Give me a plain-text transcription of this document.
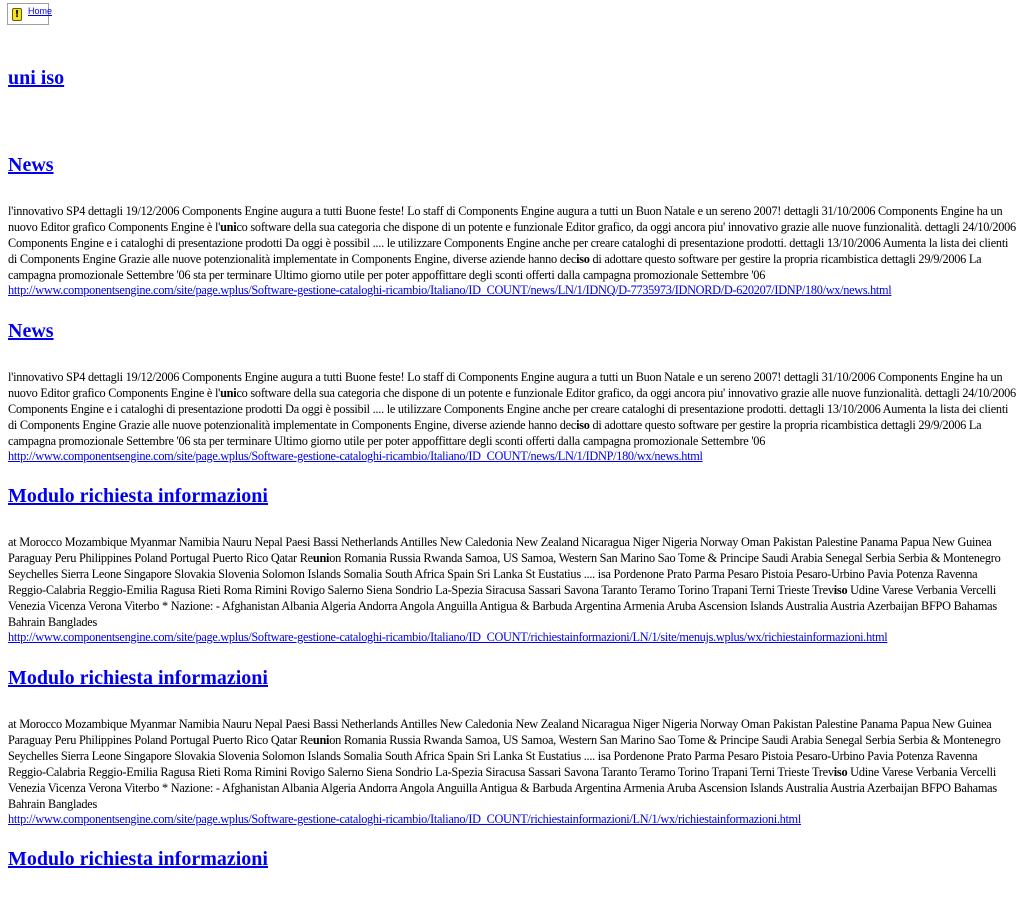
! Home
uni iso
News

l'innovativo SP4 dettagli 19/12/2006 Components Engine augura a tutti Buone feste! Lo staff di Components Engine augura a tutti un Buon Natale e un sereno 2007! dettagli 31/10/2006 Components Engine ha un nuovo Editor grafico Components Engine è l'unico software della sua categoria che dispone di un potente e funzionale Editor grafico, da oggi ancora piu' innovativo grazie alle nuove funzionalità. dettagli 24/10/2006 Components Engine e i cataloghi di presentazione prodotti Da oggi è possibil .... le utilizzare Components Engine anche per creare cataloghi di presentazione prodotti. dettagli 13/10/2006 Aumenta la lista dei clienti di Components Engine Grazie alle nuove potenzionalità implementate in Components Engine, diverse aziende hanno deciso di adottare questo software per gestire la propria ricambistica dettagli 29/9/2006 La campagna promozionale Settembre '06 sta per terminare Ultimo giorno utile per poter appoffittare degli sconti offerti dalla campagna promozionale Settembre '06

http://www.componentsengine.com/site/page.wplus/Software-gestione-cataloghi-ricambio/Italiano/ID_COUNT/news/LN/1/IDNQ/D-7735973/IDNORD/D-620207/IDNP/180/wx/news.html
News

l'innovativo SP4 dettagli 19/12/2006 Components Engine augura a tutti Buone feste! Lo staff di Components Engine augura a tutti un Buon Natale e un sereno 2007! dettagli 31/10/2006 Components Engine ha un nuovo Editor grafico Components Engine è l'unico software della sua categoria che dispone di un potente e funzionale Editor grafico, da oggi ancora piu' innovativo grazie alle nuove funzionalità. dettagli 24/10/2006 Components Engine e i cataloghi di presentazione prodotti Da oggi è possibil .... le utilizzare Components Engine anche per creare cataloghi di presentazione prodotti. dettagli 13/10/2006 Aumenta la lista dei clienti di Components Engine Grazie alle nuove potenzionalità implementate in Components Engine, diverse aziende hanno deciso di adottare questo software per gestire la propria ricambistica dettagli 29/9/2006 La campagna promozionale Settembre '06 sta per terminare Ultimo giorno utile per poter appoffittare degli sconti offerti dalla campagna promozionale Settembre '06

http://www.componentsengine.com/site/page.wplus/Software-gestione-cataloghi-ricambio/Italiano/ID_COUNT/news/LN/1/IDNP/180/wx/news.html
Modulo richiesta informazioni

at Morocco Mozambique Myanmar Namibia Nauru Nepal Paesi Bassi Netherlands Antilles New Caledonia New Zealand Nicaragua Niger Nigeria Norway Oman Pakistan Palestine Panama Papua New Guinea Paraguay Peru Philippines Poland Portugal Puerto Rico Qatar Reunion Romania Russia Rwanda Samoa, US Samoa, Western San Marino Sao Tome & Principe Saudi Arabia Senegal Serbia Serbia & Montenegro Seychelles Sierra Leone Singapore Slovakia Slovenia Solomon Islands Somalia South Africa Spain Sri Lanka St Eustatius .... isa Pordenone Prato Parma Pesaro Pistoia Pesaro-Urbino Pavia Potenza Ravenna Reggio-Calabria Reggio-Emilia Ragusa Rieti Roma Rimini Rovigo Salerno Siena Sondrio La-Spezia Siracusa Sassari Savona Taranto Teramo Torino Trapani Terni Trieste Treviso Udine Varese Verbania Vercelli Venezia Vicenza Verona Viterbo * Nazione: - Afghanistan Albania Algeria Andorra Angola Anguilla Antigua & Barbuda Argentina Armenia Aruba Ascension Islands Australia Austria Azerbaijan BFPO Bahamas Bahrain Banglades

http://www.componentsengine.com/site/page.wplus/Software-gestione-cataloghi-ricambio/Italiano/ID_COUNT/richiestainformazioni/LN/1/site/menujs.wplus/wx/richiestainformazioni.html
Modulo richiesta informazioni

at Morocco Mozambique Myanmar Namibia Nauru Nepal Paesi Bassi Netherlands Antilles New Caledonia New Zealand Nicaragua Niger Nigeria Norway Oman Pakistan Palestine Panama Papua New Guinea Paraguay Peru Philippines Poland Portugal Puerto Rico Qatar Reunion Romania Russia Rwanda Samoa, US Samoa, Western San Marino Sao Tome & Principe Saudi Arabia Senegal Serbia Serbia & Montenegro Seychelles Sierra Leone Singapore Slovakia Slovenia Solomon Islands Somalia South Africa Spain Sri Lanka St Eustatius .... isa Pordenone Prato Parma Pesaro Pistoia Pesaro-Urbino Pavia Potenza Ravenna Reggio-Calabria Reggio-Emilia Ragusa Rieti Roma Rimini Rovigo Salerno Siena Sondrio La-Spezia Siracusa Sassari Savona Taranto Teramo Torino Trapani Terni Trieste Treviso Udine Varese Verbania Vercelli Venezia Vicenza Verona Viterbo * Nazione: - Afghanistan Albania Algeria Andorra Angola Anguilla Antigua & Barbuda Argentina Armenia Aruba Ascension Islands Australia Austria Azerbaijan BFPO Bahamas Bahrain Banglades

http://www.componentsengine.com/site/page.wplus/Software-gestione-cataloghi-ricambio/Italiano/ID_COUNT/richiestainformazioni/LN/1/wx/richiestainformazioni.html
Modulo richiesta informazioni
